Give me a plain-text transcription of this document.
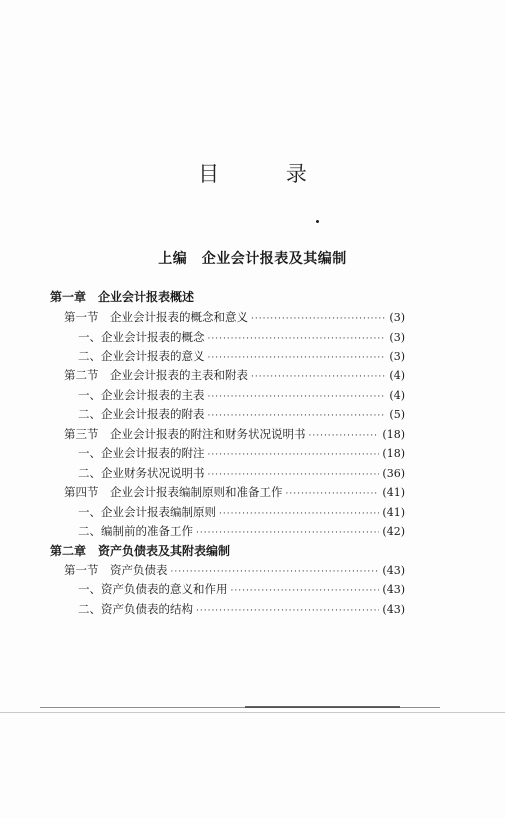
目 录
上编　企业会计报表及其编制
第一章　企业会计报表概述
第一节　企业会计报表的概念和意义 ·····	(3)
一、企业会计报表的概念 ·····	(3)
二、企业会计报表的意义 ·····	(3)
第二节　企业会计报表的主表和附表 ·····	(4)
一、企业会计报表的主表 ·····	(4)
二、企业会计报表的附表 ·····	(5)
第三节　企业会计报表的附注和财务状况说明书 ·····	(18)
一、企业会计报表的附注 ·····	(18)
二、企业财务状况说明书 ·····	(36)
第四节　企业会计报表编制原则和准备工作 ·····	(41)
一、企业会计报表编制原则 ·····	(41)
二、编制前的准备工作 ·····	(42)
第二章　资产负债表及其附表编制
第一节　资产负债表 ·····	(43)
一、资产负债表的意义和作用 ·····	(43)
二、资产负债表的结构 ·····	(43)
